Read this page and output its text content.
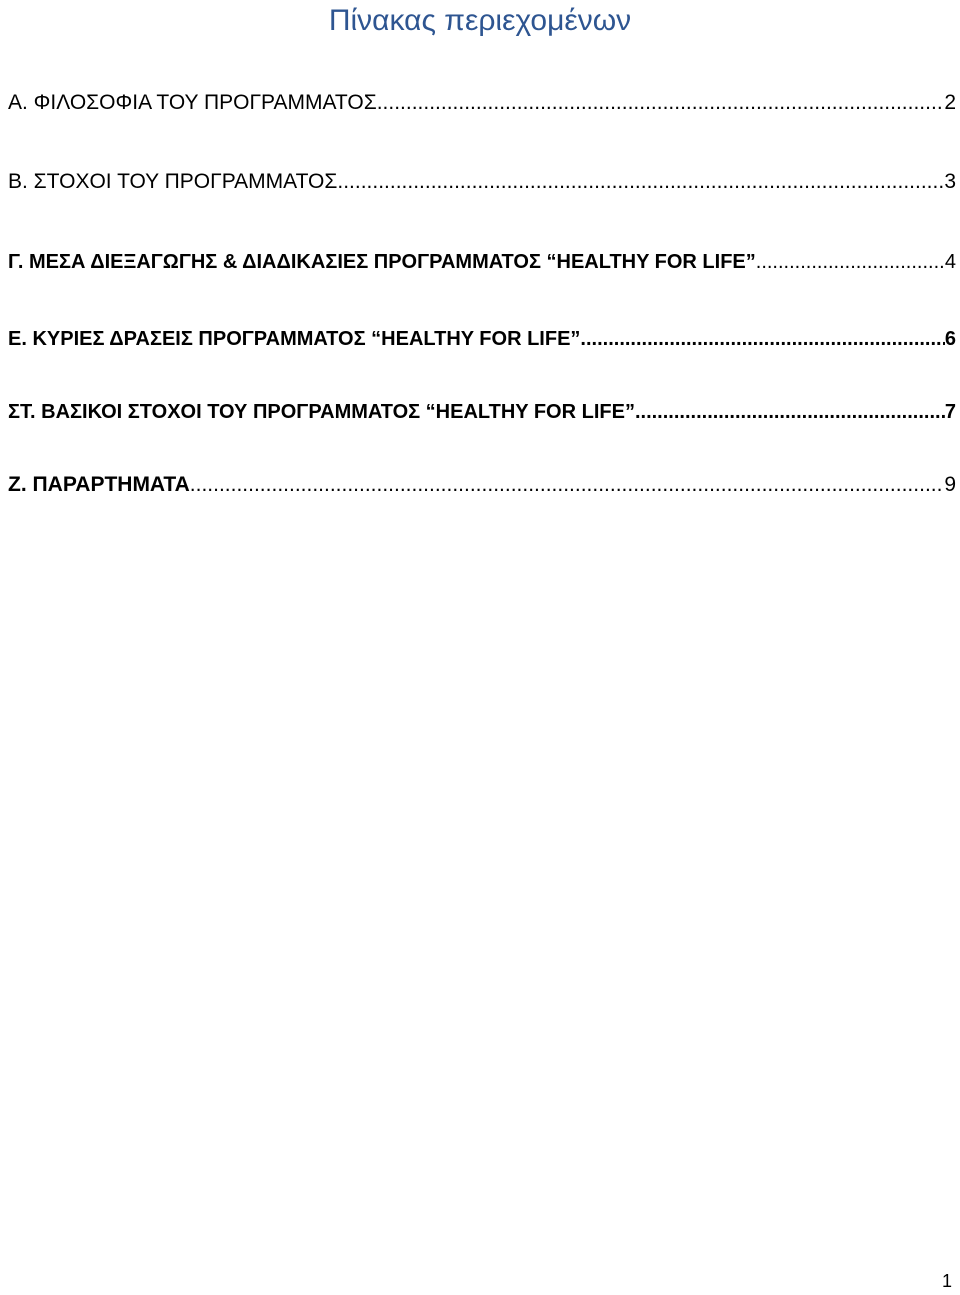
Πίνακας περιεχομένων
Α. ΦΙΛΟΣΟΦΙΑ ΤΟΥ ΠΡΟΓΡΑΜΜΑΤΟΣ .....	2
Β. ΣΤΟΧΟΙ ΤΟΥ ΠΡΟΓΡΑΜΜΑΤΟΣ .....	3
Γ. ΜΕΣΑ ΔΙΕΞΑΓΩΓΗΣ & ΔΙΑΔΙΚΑΣΙΕΣ ΠΡΟΓΡΑΜΜΑΤΟΣ “HEALTHY FOR LIFE” .....	4
Ε. ΚΥΡΙΕΣ ΔΡΑΣΕΙΣ ΠΡΟΓΡΑΜΜΑΤΟΣ “HEALTHY FOR LIFE” .....	6
ΣΤ. ΒΑΣΙΚΟΙ ΣΤΟΧΟΙ ΤΟΥ ΠΡΟΓΡΑΜΜΑΤΟΣ “HEALTHY FOR LIFE” .....	7
Ζ. ΠΑΡΑΡΤΗΜΑΤΑ .....	9
1
